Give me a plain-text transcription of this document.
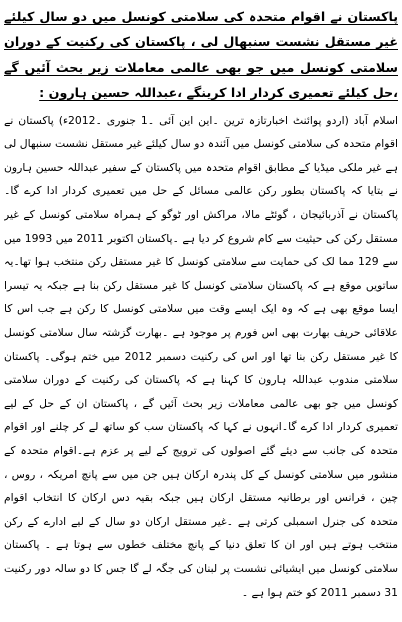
پاکستان نے اقوام متحدہ کی سلامتی کونسل میں دو سال کیلئے غیر مستقل نشست سنبھال لی ، پاکستان کی رکنیت کے دوران سلامتی کونسل میں جو بھی عالمی معاملات زیر بحث آئیں گے ،حل کیلئے تعمیری کردار ادا کرینگے ،عبداللہ حسین ہارون :

اسلام آباد (اردو پوائنٹ اخبارتازہ ترین ۔این این آئی ۔1 جنوری ۔2012ء) پاکستان نے اقوام متحدہ کی سلامتی کونسل میں آئندہ دو سال کیلئے غیر مستقل نشست سنبھال لی ہے غیر ملکی میڈیا کے مطابق اقوام متحدہ میں پاکستان کے سفیر عبداللہ حسین ہارون نے بتایا کہ پاکستان بطور رکن عالمی مسائل کے حل میں تعمیری کردار ادا کرے گا۔پاکستان نے آذربائیجان ، گوئٹے مالا، مراکش اور ٹوگو کے ہمراہ سلامتی کونسل کے غیر مستقل رکن کی حیثیت سے کام شروع کر دیا ہے ۔پاکستان اکتوبر 2011 میں 1993 میں سے 129 مما لک کی حمایت سے سلامتی کونسل کا غیر مستقل رکن منتخب ہوا تھا۔یہ ساتویں موقع ہے کہ پاکستان سلامتی کونسل کا غیر مستقل رکن بنا ہے جبکہ یہ تیسرا ایسا موقع بھی ہے کہ وہ ایک ایسے وقت میں سلامتی کونسل کا رکن ہے جب اس کا علاقائی حریف بھارت بھی اس فورم پر موجود ہے ۔بھارت گزشتہ سال سلامتی کونسل کا غیر مستقل رکن بنا تھا اور اس کی رکنیت دسمبر 2012 میں ختم ہوگی۔ پاکستان سلامتی مندوب عبداللہ ہارون کا کہنا ہے کہ پاکستان کی رکنیت کے دوران سلامتی کونسل میں جو بھی عالمی معاملات زیر بحث آئیں گے ، پاکستان ان کے حل کے لیے تعمیری کردار ادا کرے گا۔انہوں نے کہا کہ پاکستان سب کو ساتھ لے کر چلنے اور اقوام متحدہ کی جانب سے دیئے گئے اصولوں کی ترویج کے لیے پر عزم ہے۔اقوام متحدہ کے منشور میں سلامتی کونسل کے کل پندرہ ارکان ہیں جن میں سے پانچ امریکہ ، روس ، چین ، فرانس اور برطانیہ مستقل ارکان ہیں جبکہ بقیہ دس ارکان کا انتخاب اقوام متحدہ کی جنرل اسمبلی کرتی ہے ۔غیر مستقل ارکان دو سال کے لیے ادارے کے رکن منتخب ہوتے ہیں اور ان کا تعلق دنیا کے پانچ مختلف خطوں سے ہوتا ہے ۔ پاکستان سلامتی کونسل میں ایشیائی نشست پر لبنان کی جگہ لے گا جس کا دو سالہ دور رکنیت 31 دسمبر 2011 کو ختم ہوا ہے ۔
